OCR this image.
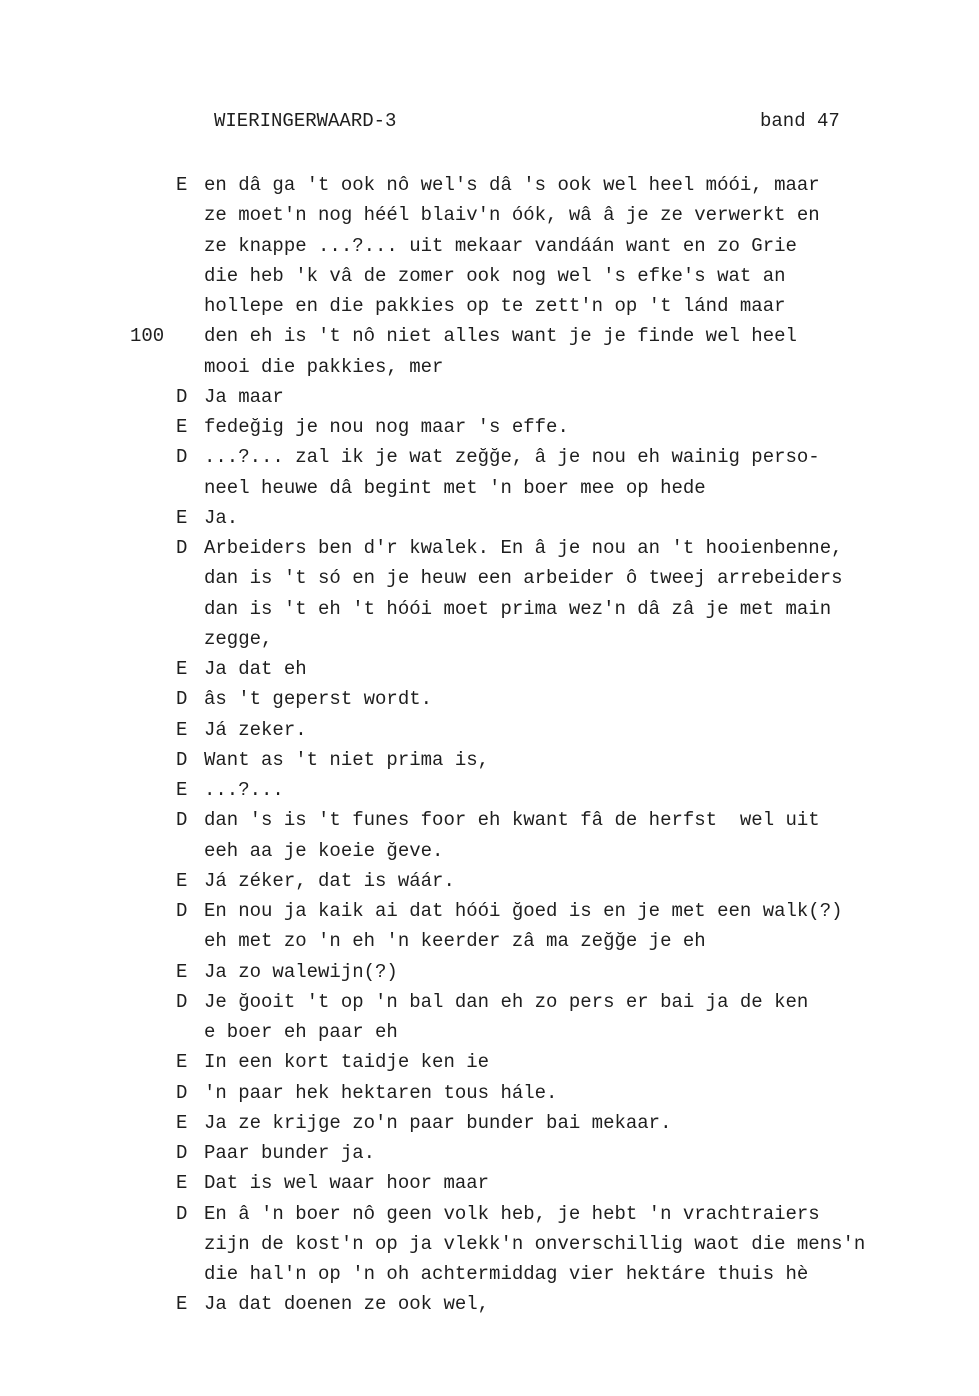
WIERINGERWAARD-3	band 47
E en dâ ga 't ook nô wel's dâ 's ook wel heel móói, maar
ze moet'n nog héél blaiv'n óók, wâ â je ze verwerkt en
ze knappe ...?... uit mekaar vandáán want en zo Grie
die heb 'k vâ de zomer ook nog wel 's efke's wat an
hollepe en die pakkies op te zett'n op 't lánd maar
100 den eh is 't nô niet alles want je je finde wel heel
mooi die pakkies, mer
D Ja maar
E fedeğig je nou nog maar 's effe.
D ...?... zal ik je wat zeğğe, â je nou eh wainig perso-
neel heuwe dâ begint met 'n boer mee op hede
E Ja.
D Arbeiders ben d'r kwalek. En â je nou an 't hooienbenne,
dan is 't só en je heuw een arbeider ô tweej arrebeiders
dan is 't eh 't hóói moet prima wez'n dâ zâ je met main
zegge,
E Ja dat eh
D âs 't geperst wordt.
E Já zeker.
D Want as 't niet prima is,
E ...?...
D dan 's is 't funes foor eh kwant fâ de herfst  wel uit
eeh aa je koeie ğeve.
E Já zéker, dat is wáár.
D En nou ja kaik ai dat hóói ğoed is en je met een walk(?)
eh met zo 'n eh 'n keerder zâ ma zeğğe je eh
E Ja zo walewijn(?)
D Je ğooit 't op 'n bal dan eh zo pers er bai ja de ken
e boer eh paar eh
E In een kort taidje ken ie
D 'n paar hek hektaren tous hále.
E Ja ze krijge zo'n paar bunder bai mekaar.
D Paar bunder ja.
E Dat is wel waar hoor maar
D En â 'n boer nô geen volk heb, je hebt 'n vrachtraiers
zijn de kost'n op ja vlekk'n onverschillig waot die mens'n
die hal'n op 'n oh achtermiddag vier hektáre thuis hè
E Ja dat doenen ze ook wel,
